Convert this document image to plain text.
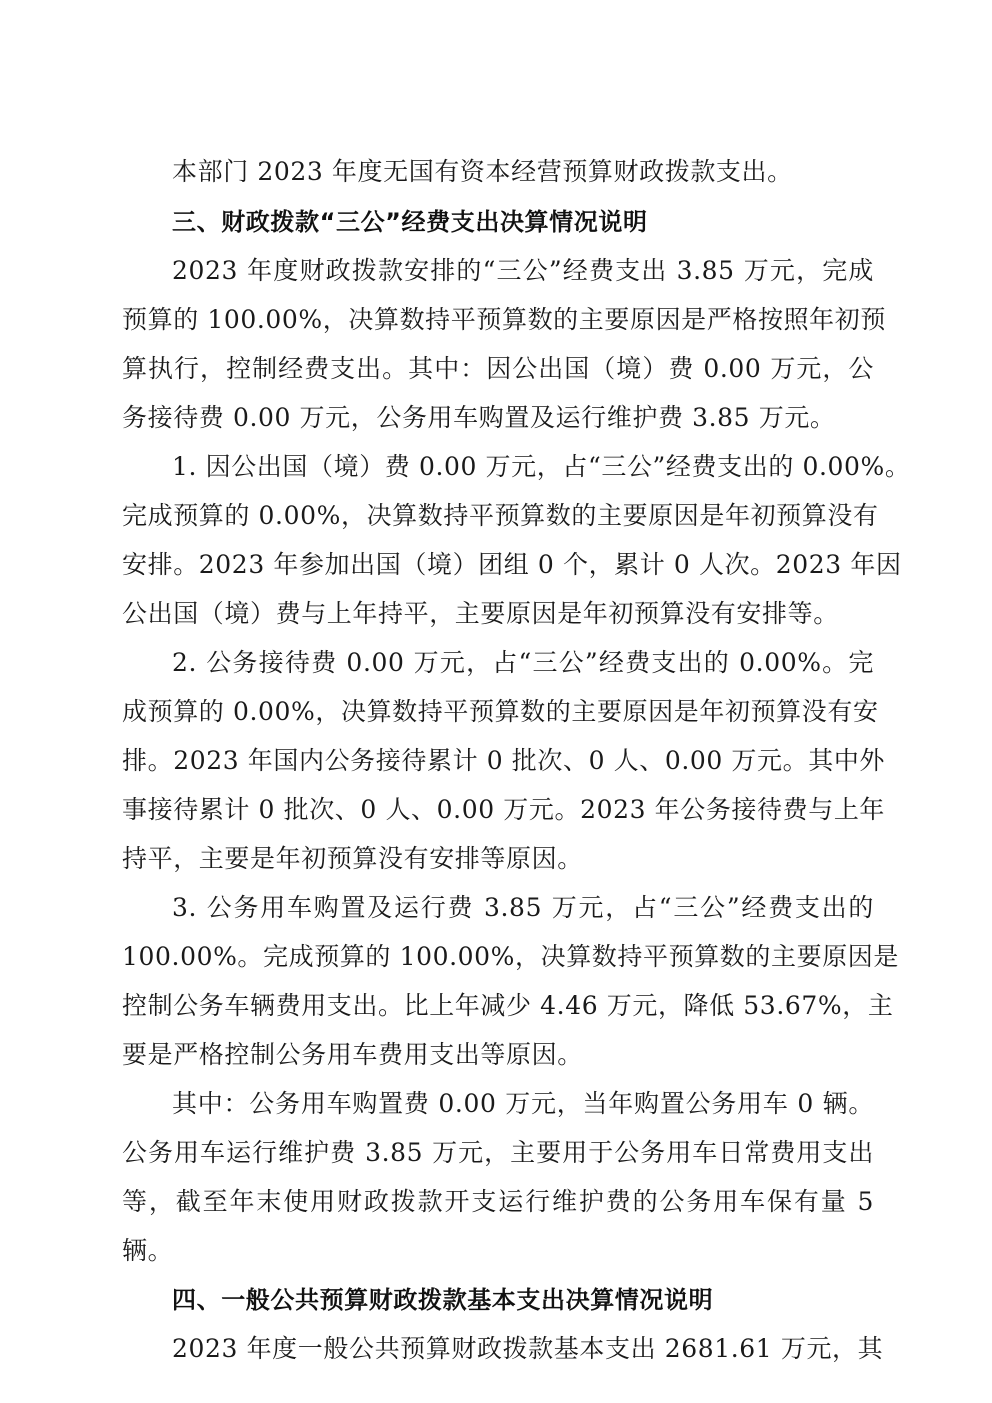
本部门 2023 年度无国有资本经营预算财政拨款支出。
三、财政拨款“三公”经费支出决算情况说明
2023 年度财政拨款安排的“三公”经费支出 3.85 万元，完成
预算的 100.00%，决算数持平预算数的主要原因是严格按照年初预
算执行，控制经费支出。其中：因公出国（境）费 0.00 万元，公
务接待费 0.00 万元，公务用车购置及运行维护费 3.85 万元。
1. 因公出国（境）费 0.00 万元，占“三公”经费支出的 0.00%。
完成预算的 0.00%，决算数持平预算数的主要原因是年初预算没有
安排。2023 年参加出国（境）团组 0 个，累计 0 人次。2023 年因
公出国（境）费与上年持平，主要原因是年初预算没有安排等。
2. 公务接待费 0.00 万元，占“三公”经费支出的 0.00%。完
成预算的 0.00%，决算数持平预算数的主要原因是年初预算没有安
排。2023 年国内公务接待累计 0 批次、0 人、0.00 万元。其中外
事接待累计 0 批次、0 人、0.00 万元。2023 年公务接待费与上年
持平，主要是年初预算没有安排等原因。
3. 公务用车购置及运行费 3.85 万元，占“三公”经费支出的
100.00%。完成预算的 100.00%，决算数持平预算数的主要原因是
控制公务车辆费用支出。比上年减少 4.46 万元，降低 53.67%，主
要是严格控制公务用车费用支出等原因。
其中：公务用车购置费 0.00 万元，当年购置公务用车 0 辆。
公务用车运行维护费 3.85 万元，主要用于公务用车日常费用支出
等，截至年末使用财政拨款开支运行维护费的公务用车保有量 5
辆。
四、一般公共预算财政拨款基本支出决算情况说明
2023 年度一般公共预算财政拨款基本支出 2681.61 万元，其
